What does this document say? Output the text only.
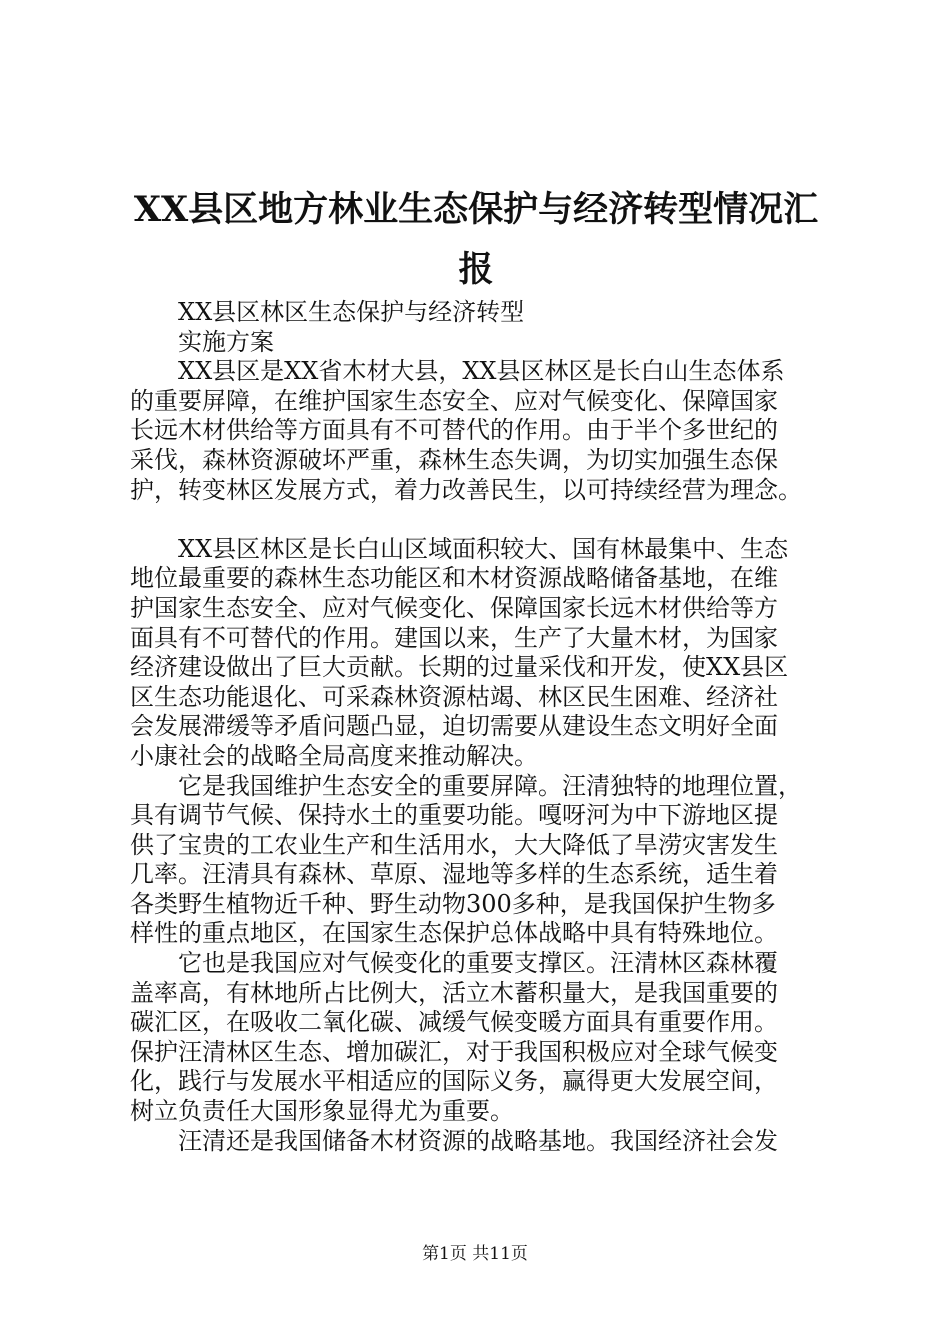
XX县区地方林业生态保护与经济转型情况汇报
XX县区林区生态保护与经济转型
实施方案
XX县区是XX省木材大县，XX县区林区是长白山生态体系
的重要屏障，在维护国家生态安全、应对气候变化、保障国家
长远木材供给等方面具有不可替代的作用。由于半个多世纪的
采伐，森林资源破坏严重，森林生态失调，为切实加强生态保
护，转变林区发展方式，着力改善民生，以可持续经营为理念。
XX县区林区是长白山区域面积较大、国有林最集中、生态
地位最重要的森林生态功能区和木材资源战略储备基地，在维
护国家生态安全、应对气候变化、保障国家长远木材供给等方
面具有不可替代的作用。建国以来，生产了大量木材，为国家
经济建设做出了巨大贡献。长期的过量采伐和开发，使XX县区
区生态功能退化、可采森林资源枯竭、林区民生困难、经济社
会发展滞缓等矛盾问题凸显，迫切需要从建设生态文明好全面
小康社会的战略全局高度来推动解决。
它是我国维护生态安全的重要屏障。汪清独特的地理位置，
具有调节气候、保持水土的重要功能。嘎呀河为中下游地区提
供了宝贵的工农业生产和生活用水，大大降低了旱涝灾害发生
几率。汪清具有森林、草原、湿地等多样的生态系统，适生着
各类野生植物近千种、野生动物300多种，是我国保护生物多
样性的重点地区，在国家生态保护总体战略中具有特殊地位。
它也是我国应对气候变化的重要支撑区。汪清林区森林覆
盖率高，有林地所占比例大，活立木蓄积量大，是我国重要的
碳汇区，在吸收二氧化碳、减缓气候变暖方面具有重要作用。
保护汪清林区生态、增加碳汇，对于我国积极应对全球气候变
化，践行与发展水平相适应的国际义务，赢得更大发展空间，
树立负责任大国形象显得尤为重要。
汪清还是我国储备木材资源的战略基地。我国经济社会发
第1页 共11页
